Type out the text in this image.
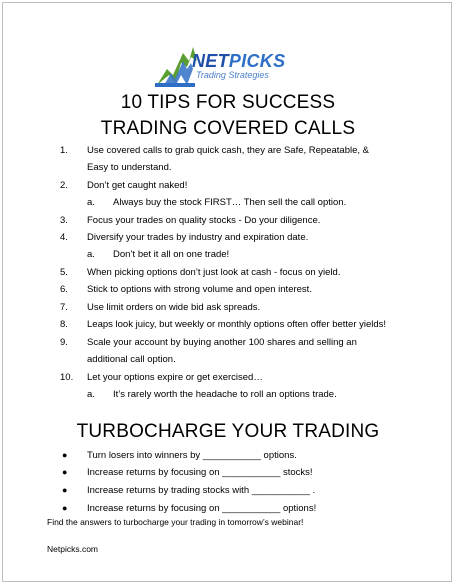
NETPICKS
Trading Strategies
10 TIPS FOR SUCCESS
TRADING COVERED CALLS
1. Use covered calls to grab quick cash, they are Safe, Repeatable, &
Easy to understand.
2. Don’t get caught naked!
a. Always buy the stock FIRST… Then sell the call option.
3. Focus your trades on quality stocks - Do your diligence.
4. Diversify your trades by industry and expiration date.
a. Don’t bet it all on one trade!
5. When picking options don’t just look at cash - focus on yield.
6. Stick to options with strong volume and open interest.
7. Use limit orders on wide bid ask spreads.
8. Leaps look juicy, but weekly or monthly options often offer better yields!
9. Scale your account by buying another 100 shares and selling an
additional call option.
10. Let your options expire or get exercised…
a. It’s rarely worth the headache to roll an options trade.
TURBOCHARGE YOUR TRADING
● Turn losers into winners by ___________ options.
● Increase returns by focusing on ___________ stocks!
● Increase returns by trading stocks with ___________ .
● Increase returns by focusing on ___________ options!
Find the answers to turbocharge your trading in tomorrow’s webinar!
Netpicks.com
